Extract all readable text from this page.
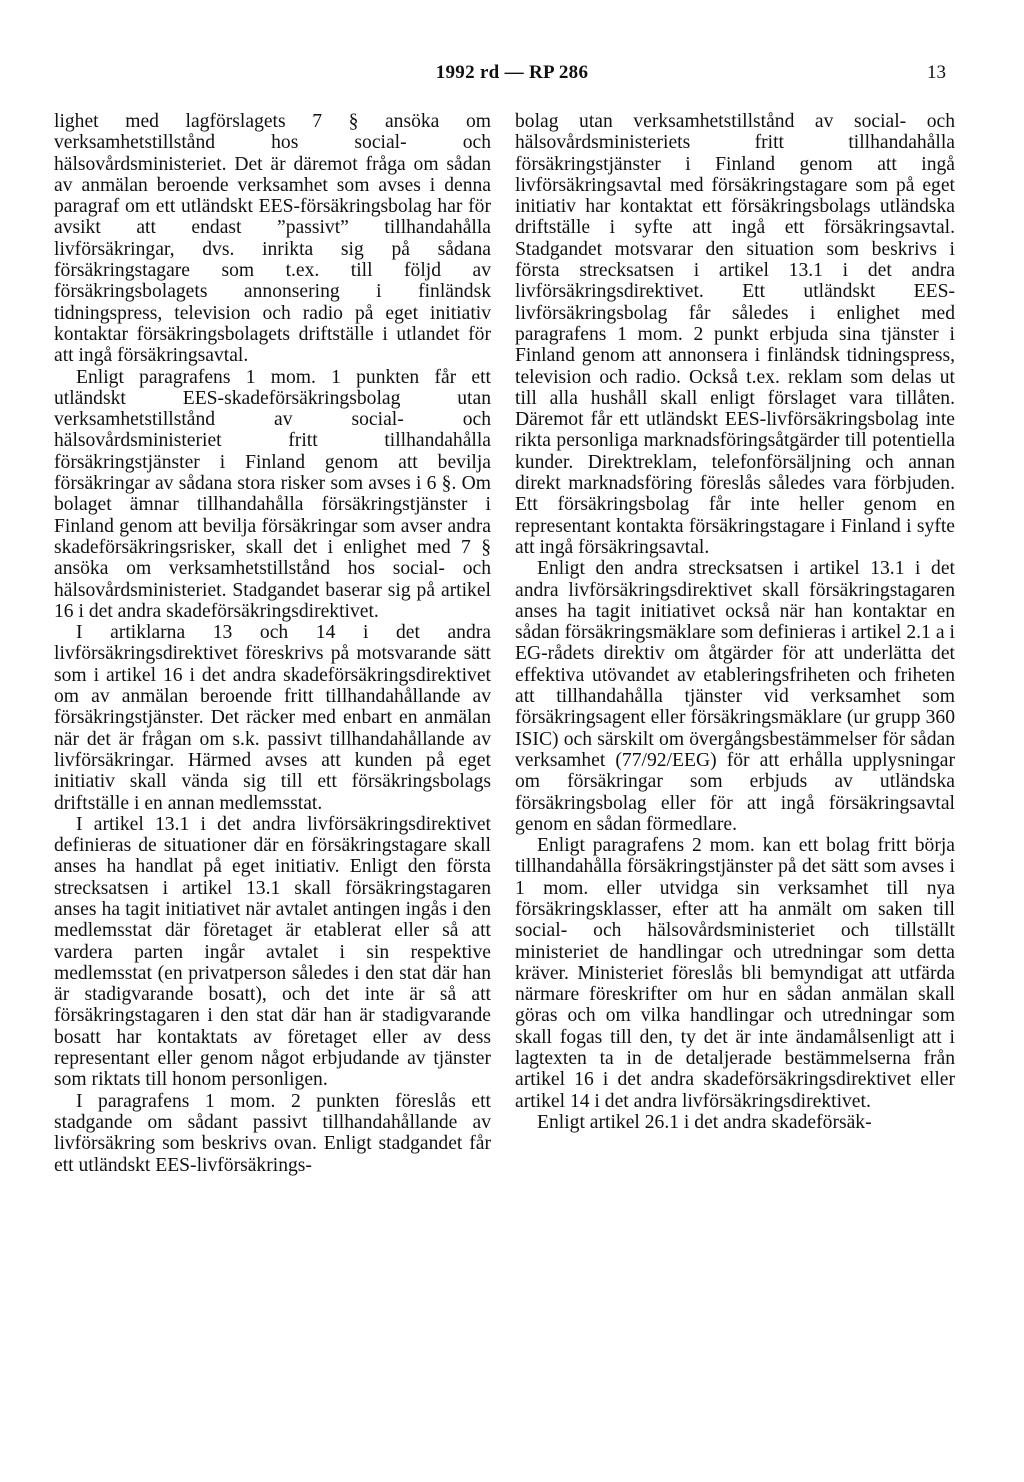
1992 rd — RP 286	13

lighet med lagförslagets 7 § ansöka om verksamhetstillstånd hos social- och hälsovårdsministeriet. Det är däremot fråga om sådan av anmälan beroende verksamhet som avses i denna paragraf om ett utländskt EES-försäkringsbolag har för avsikt att endast ”passivt” tillhandahålla livförsäkringar, dvs. inrikta sig på sådana försäkringstagare som t.ex. till följd av försäkringsbolagets annonsering i finländsk tidningspress, television och radio på eget initiativ kontaktar försäkringsbolagets driftställe i utlandet för att ingå försäkringsavtal.

Enligt paragrafens 1 mom. 1 punkten får ett utländskt EES-skadeförsäkringsbolag utan verksamhetstillstånd av social- och hälsovårdsministeriet fritt tillhandahålla försäkringstjänster i Finland genom att bevilja försäkringar av sådana stora risker som avses i 6 §. Om bolaget ämnar tillhandahålla försäkringstjänster i Finland genom att bevilja försäkringar som avser andra skadeförsäkringsrisker, skall det i enlighet med 7 § ansöka om verksamhetstillstånd hos social- och hälsovårdsministeriet. Stadgandet baserar sig på artikel 16 i det andra skadeförsäkringsdirektivet.

I artiklarna 13 och 14 i det andra livförsäkringsdirektivet föreskrivs på motsvarande sätt som i artikel 16 i det andra skadeförsäkringsdirektivet om av anmälan beroende fritt tillhandahållande av försäkringstjänster. Det räcker med enbart en anmälan när det är frågan om s.k. passivt tillhandahållande av livförsäkringar. Härmed avses att kunden på eget initiativ skall vända sig till ett försäkringsbolags driftställe i en annan medlemsstat.

I artikel 13.1 i det andra livförsäkringsdirektivet definieras de situationer där en försäkringstagare skall anses ha handlat på eget initiativ. Enligt den första strecksatsen i artikel 13.1 skall försäkringstagaren anses ha tagit initiativet när avtalet antingen ingås i den medlemsstat där företaget är etablerat eller så att vardera parten ingår avtalet i sin respektive medlemsstat (en privatperson således i den stat där han är stadigvarande bosatt), och det inte är så att försäkringstagaren i den stat där han är stadigvarande bosatt har kontaktats av företaget eller av dess representant eller genom något erbjudande av tjänster som riktats till honom personligen.

I paragrafens 1 mom. 2 punkten föreslås ett stadgande om sådant passivt tillhandahållande av livförsäkring som beskrivs ovan. Enligt stadgandet får ett utländskt EES-livförsäkrings-

bolag utan verksamhetstillstånd av social- och hälsovårdsministeriets fritt tillhandahålla försäkringstjänster i Finland genom att ingå livförsäkringsavtal med försäkringstagare som på eget initiativ har kontaktat ett försäkringsbolags utländska driftställe i syfte att ingå ett försäkringsavtal. Stadgandet motsvarar den situation som beskrivs i första strecksatsen i artikel 13.1 i det andra livförsäkringsdirektivet. Ett utländskt EES-livförsäkringsbolag får således i enlighet med paragrafens 1 mom. 2 punkt erbjuda sina tjänster i Finland genom att annonsera i finländsk tidningspress, television och radio. Också t.ex. reklam som delas ut till alla hushåll skall enligt förslaget vara tillåten. Däremot får ett utländskt EES-livförsäkringsbolag inte rikta personliga marknadsföringsåtgärder till potentiella kunder. Direktreklam, telefonförsäljning och annan direkt marknadsföring föreslås således vara förbjuden. Ett försäkringsbolag får inte heller genom en representant kontakta försäkringstagare i Finland i syfte att ingå försäkringsavtal.

Enligt den andra strecksatsen i artikel 13.1 i det andra livförsäkringsdirektivet skall försäkringstagaren anses ha tagit initiativet också när han kontaktar en sådan försäkringsmäklare som definieras i artikel 2.1 a i EG-rådets direktiv om åtgärder för att underlätta det effektiva utövandet av etableringsfriheten och friheten att tillhandahålla tjänster vid verksamhet som försäkringsagent eller försäkringsmäklare (ur grupp 360 ISIC) och särskilt om övergångsbestämmelser för sådan verksamhet (77/92/EEG) för att erhålla upplysningar om försäkringar som erbjuds av utländska försäkringsbolag eller för att ingå försäkringsavtal genom en sådan förmedlare.

Enligt paragrafens 2 mom. kan ett bolag fritt börja tillhandahålla försäkringstjänster på det sätt som avses i 1 mom. eller utvidga sin verksamhet till nya försäkringsklasser, efter att ha anmält om saken till social- och hälsovårdsministeriet och tillställt ministeriet de handlingar och utredningar som detta kräver. Ministeriet föreslås bli bemyndigat att utfärda närmare föreskrifter om hur en sådan anmälan skall göras och om vilka handlingar och utredningar som skall fogas till den, ty det är inte ändamålsenligt att i lagtexten ta in de detaljerade bestämmelserna från artikel 16 i det andra skadeförsäkringsdirektivet eller artikel 14 i det andra livförsäkringsdirektivet.

Enligt artikel 26.1 i det andra skadeförsäk-
